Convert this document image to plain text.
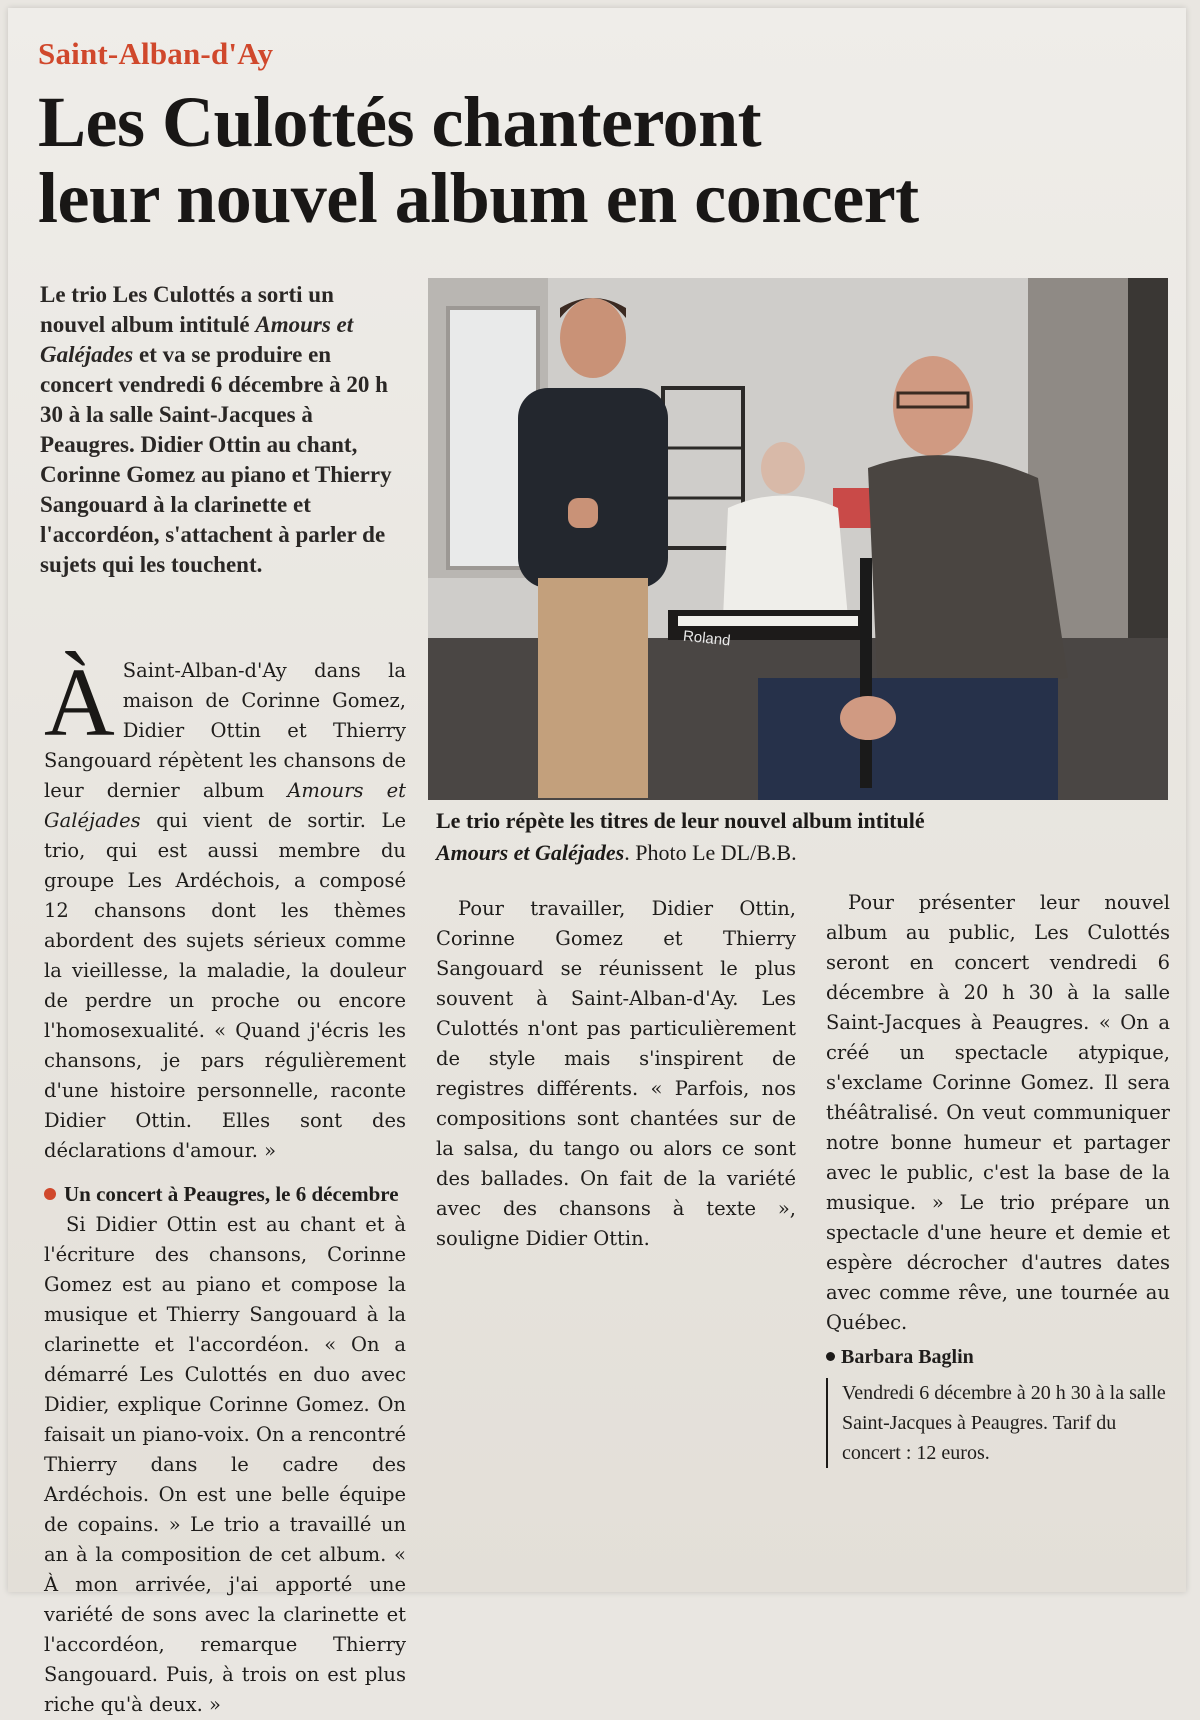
Saint-Alban-d'Ay
Les Culottés chanteront
leur nouvel album en concert
Le trio Les Culottés a sorti un nouvel album intitulé Amours et Galéjades et va se produire en concert vendredi 6 décembre à 20 h 30 à la salle Saint-Jacques à Peaugres. Didier Ottin au chant, Corinne Gomez au piano et Thierry Sangouard à la clarinette et l'accordéon, s'attachent à parler de sujets qui les touchent.
Roland
Le trio répète les titres de leur nouvel album intitulé
Amours et Galéjades. Photo Le DL/B.B.

À Saint-Alban-d'Ay dans la maison de Corinne Gomez, Didier Ottin et Thierry Sangouard répètent les chansons de leur dernier album Amours et Galéjades qui vient de sortir. Le trio, qui est aussi membre du groupe Les Ardéchois, a composé 12 chansons dont les thèmes abordent des sujets sérieux comme la vieillesse, la maladie, la douleur de perdre un proche ou encore l'homosexualité. « Quand j'écris les chansons, je pars régulièrement d'une histoire personnelle, raconte Didier Ottin. Elles sont des déclarations d'amour. »

Un concert à Peaugres, le 6 décembre

Si Didier Ottin est au chant et à l'écriture des chansons, Corinne Gomez est au piano et compose la musique et Thierry Sangouard à la clarinette et l'accordéon. « On a démarré Les Culottés en duo avec Didier, explique Corinne Gomez. On faisait un piano-voix. On a rencontré Thierry dans le cadre des Ardéchois. On est une belle équipe de copains. » Le trio a travaillé un an à la composition de cet album. « À mon arrivée, j'ai apporté une variété de sons avec la clarinette et l'accordéon, remarque Thierry Sangouard. Puis, à trois on est plus riche qu'à deux. »

Pour travailler, Didier Ottin, Corinne Gomez et Thierry Sangouard se réunissent le plus souvent à Saint-Alban-d'Ay. Les Culottés n'ont pas particulièrement de style mais s'inspirent de registres différents. « Parfois, nos compositions sont chantées sur de la salsa, du tango ou alors ce sont des ballades. On fait de la variété avec des chansons à texte », souligne Didier Ottin.

Pour présenter leur nouvel album au public, Les Culottés seront en concert vendredi 6 décembre à 20 h 30 à la salle Saint-Jacques à Peaugres. « On a créé un spectacle atypique, s'exclame Corinne Gomez. Il sera théâtralisé. On veut communiquer notre bonne humeur et partager avec le public, c'est la base de la musique. » Le trio prépare un spectacle d'une heure et demie et espère décrocher d'autres dates avec comme rêve, une tournée au Québec.

Barbara Baglin
Vendredi 6 décembre à 20 h 30 à la salle Saint-Jacques à Peaugres. Tarif du concert : 12 euros.
